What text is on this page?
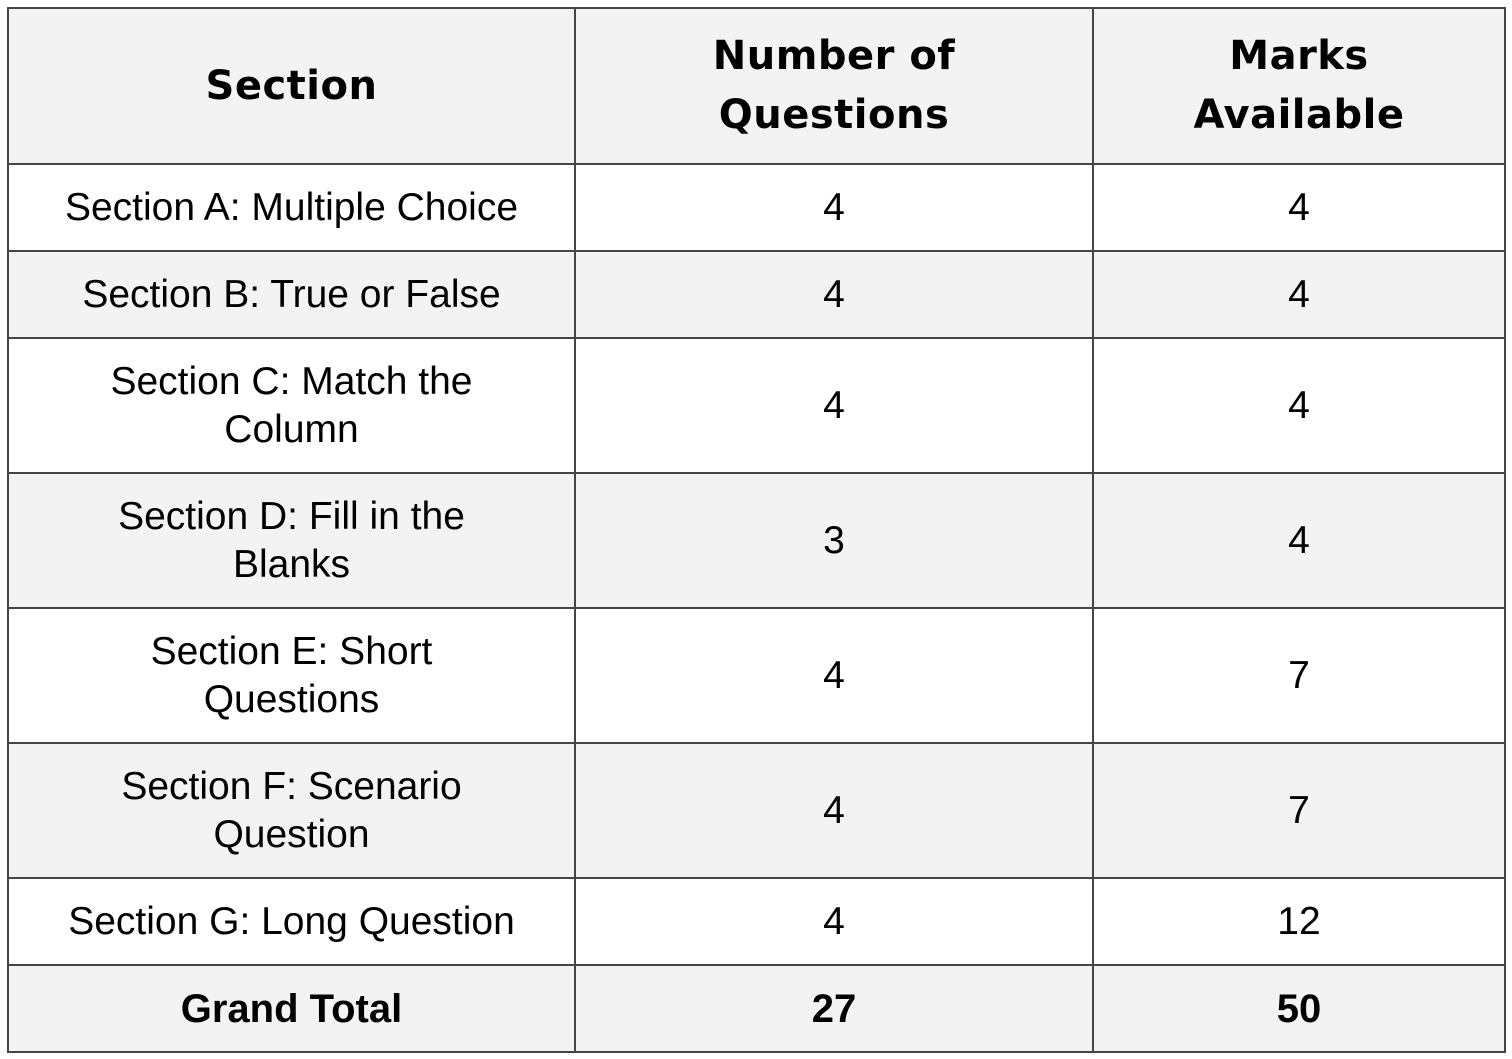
Section	Number of Questions	Marks Available
Section A: Multiple Choice	4	4
Section B: True or False	4	4
Section C: Match the Column	4	4
Section D: Fill in the Blanks	3	4
Section E: Short Questions	4	7
Section F: Scenario Question	4	7
Section G: Long Question	4	12
Grand Total	27	50
